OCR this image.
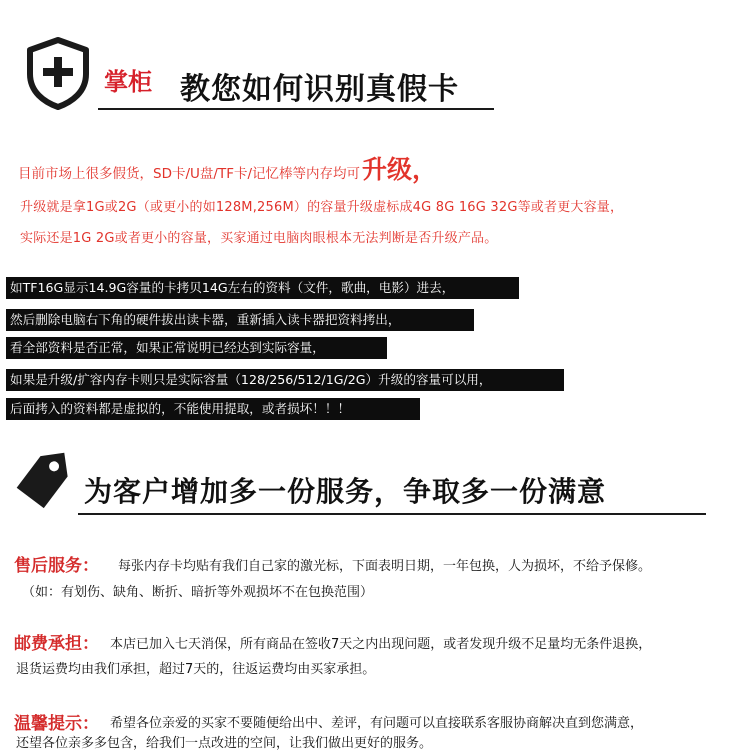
掌柜 教您如何识别真假卡
目前市场上很多假货，SD卡/U盘/TF卡/记忆棒等内存均可升级，
升级就是拿1G或2G（或更小的如128M,256M）的容量升级虚标成4G 8G 16G 32G等或者更大容量，
实际还是1G 2G或者更小的容量，买家通过电脑肉眼根本无法判断是否升级产品。
如TF16G显示14.9G容量的卡拷贝14G左右的资料（文件，歌曲，电影）进去，
然后删除电脑右下角的硬件拔出读卡器，重新插入读卡器把资料拷出，
看全部资料是否正常，如果正常说明已经达到实际容量，
如果是升级/扩容内存卡则只是实际容量（128/256/512/1G/2G）升级的容量可以用，
后面拷入的资料都是虚拟的，不能使用提取，或者损坏！！！
为客户增加多一份服务，争取多一份满意
售后服务： 每张内存卡均贴有我们自己家的激光标，下面表明日期，一年包换，人为损坏，不给予保修。
（如：有划伤、缺角、断折、暗折等外观损坏不在包换范围）
邮费承担： 本店已加入七天消保，所有商品在签收7天之内出现问题，或者发现升级不足量均无条件退换，
退货运费均由我们承担，超过7天的，往返运费均由买家承担。
温馨提示： 希望各位亲爱的买家不要随便给出中、差评，有问题可以直接联系客服协商解决直到您满意，
还望各位亲多多包含，给我们一点改进的空间，让我们做出更好的服务。
